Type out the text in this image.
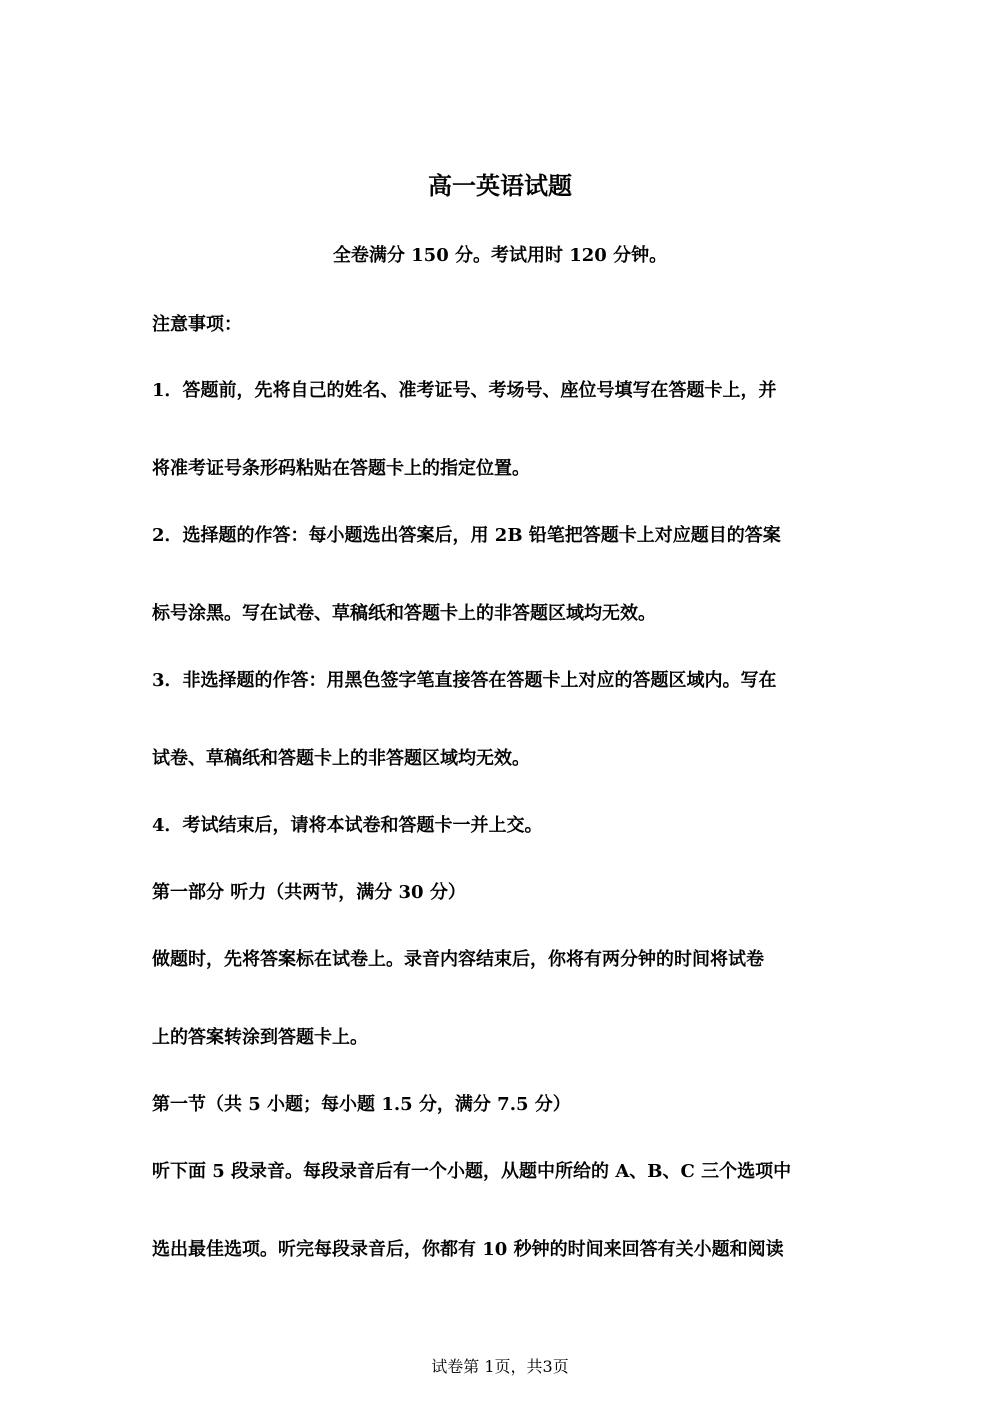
高一英语试题
全卷满分 150 分。考试用时 120 分钟。
注意事项：
1．答题前，先将自己的姓名、准考证号、考场号、座位号填写在答题卡上，并
将准考证号条形码粘贴在答题卡上的指定位置。
2．选择题的作答：每小题选出答案后，用 2B 铅笔把答题卡上对应题目的答案
标号涂黑。写在试卷、草稿纸和答题卡上的非答题区域均无效。
3．非选择题的作答：用黑色签字笔直接答在答题卡上对应的答题区域内。写在
试卷、草稿纸和答题卡上的非答题区域均无效。
4．考试结束后，请将本试卷和答题卡一并上交。
第一部分 听力（共两节，满分 30 分）
做题时，先将答案标在试卷上。录音内容结束后，你将有两分钟的时间将试卷
上的答案转涂到答题卡上。
第一节（共 5 小题；每小题 1.5 分，满分 7.5 分）
听下面 5 段录音。每段录音后有一个小题，从题中所给的 A、B、C 三个选项中
选出最佳选项。听完每段录音后，你都有 10 秒钟的时间来回答有关小题和阅读
试卷第 1页，共3页
